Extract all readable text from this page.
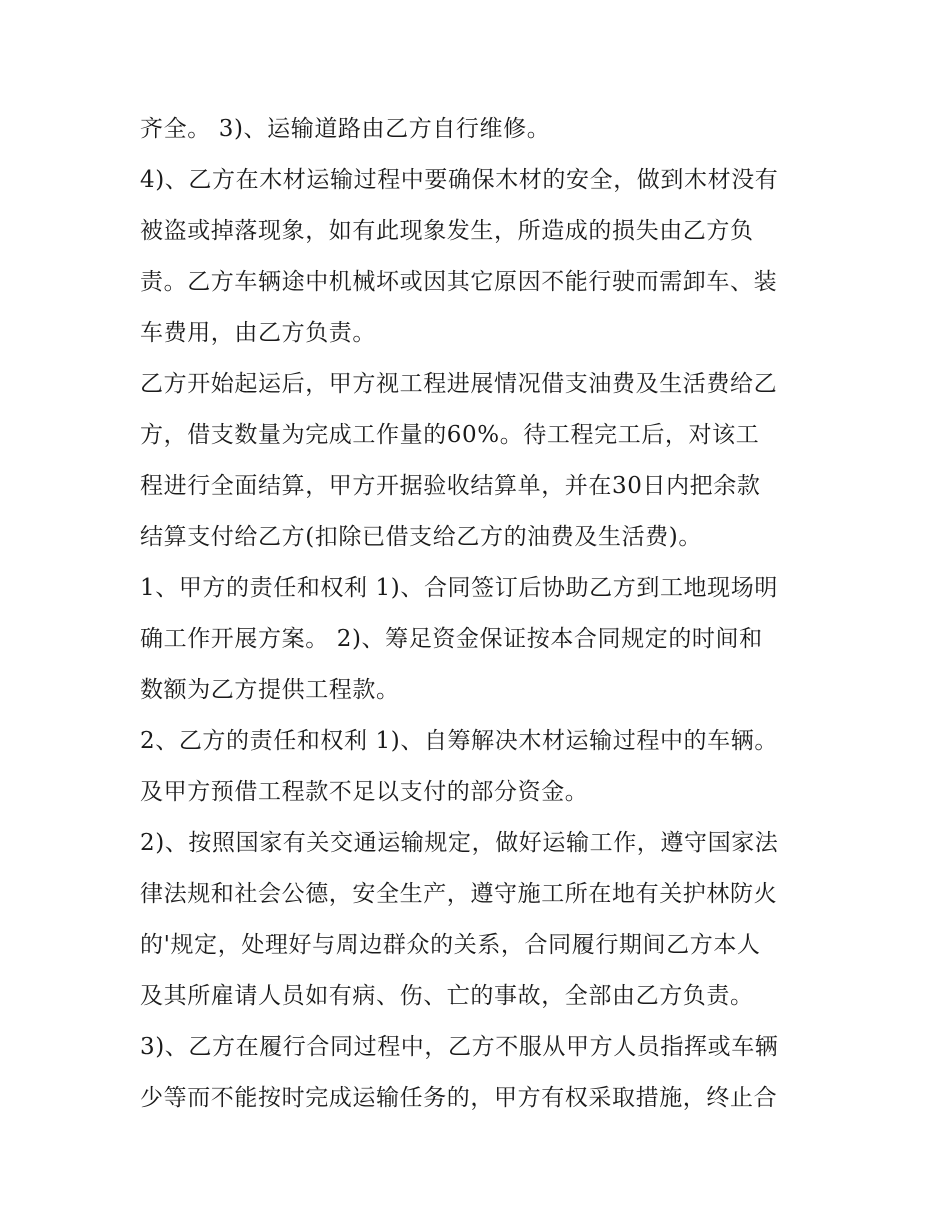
齐全。 3)、运输道路由乙方自行维修。
4)、乙方在木材运输过程中要确保木材的安全，做到木材没有
被盗或掉落现象，如有此现象发生，所造成的损失由乙方负
责。乙方车辆途中机械坏或因其它原因不能行驶而需卸车、装
车费用，由乙方负责。
乙方开始起运后，甲方视工程进展情况借支油费及生活费给乙
方，借支数量为完成工作量的60%。待工程完工后，对该工
程进行全面结算，甲方开据验收结算单，并在30日内把余款
结算支付给乙方(扣除已借支给乙方的油费及生活费)。
1、甲方的责任和权利 1)、合同签订后协助乙方到工地现场明
确工作开展方案。 2)、筹足资金保证按本合同规定的时间和
数额为乙方提供工程款。
2、乙方的责任和权利 1)、自筹解决木材运输过程中的车辆。
及甲方预借工程款不足以支付的部分资金。
2)、按照国家有关交通运输规定，做好运输工作，遵守国家法
律法规和社会公德，安全生产，遵守施工所在地有关护林防火
的'规定，处理好与周边群众的关系，合同履行期间乙方本人
及其所雇请人员如有病、伤、亡的事故，全部由乙方负责。
3)、乙方在履行合同过程中，乙方不服从甲方人员指挥或车辆
少等而不能按时完成运输任务的，甲方有权采取措施，终止合
